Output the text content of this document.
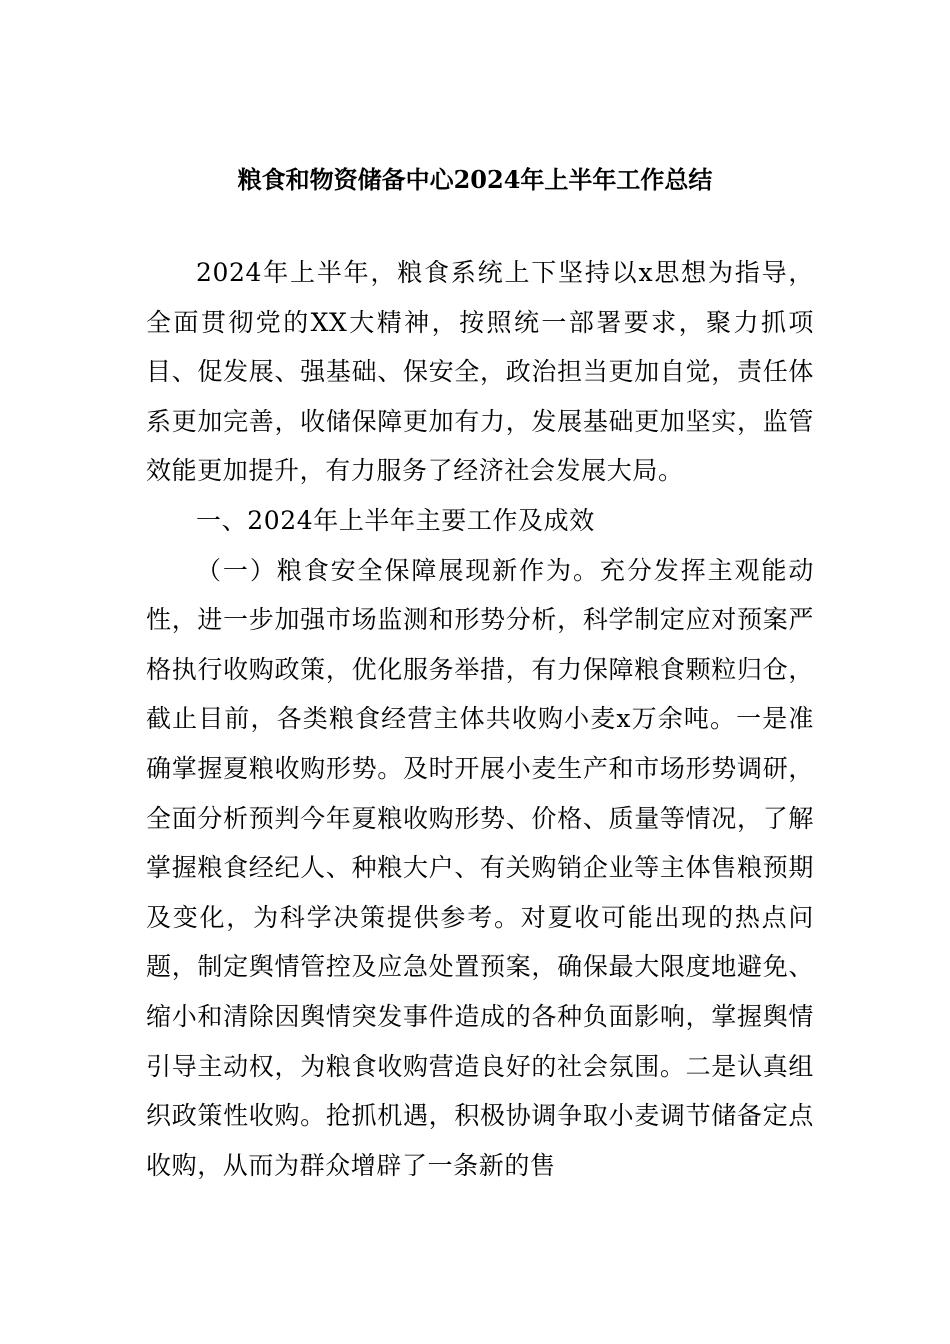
粮食和物资储备中心2024年上半年工作总结

2024年上半年，粮食系统上下坚持以x思想为指导，全面贯彻党的XX大精神，按照统一部署要求，聚力抓项目、促发展、强基础、保安全，政治担当更加自觉，责任体系更加完善，收储保障更加有力，发展基础更加坚实，监管效能更加提升，有力服务了经济社会发展大局。

一、2024年上半年主要工作及成效

（一）粮食安全保障展现新作为。充分发挥主观能动性，进一步加强市场监测和形势分析，科学制定应对预案严格执行收购政策，优化服务举措，有力保障粮食颗粒归仓，截止目前，各类粮食经营主体共收购小麦x万余吨。一是准确掌握夏粮收购形势。及时开展小麦生产和市场形势调研，全面分析预判今年夏粮收购形势、价格、质量等情况，了解掌握粮食经纪人、种粮大户、有关购销企业等主体售粮预期及变化，为科学决策提供参考。对夏收可能出现的热点问题，制定舆情管控及应急处置预案，确保最大限度地避免、缩小和清除因舆情突发事件造成的各种负面影响，掌握舆情引导主动权，为粮食收购营造良好的社会氛围。二是认真组织政策性收购。抢抓机遇，积极协调争取小麦调节储备定点收购，从而为群众增辟了一条新的售
